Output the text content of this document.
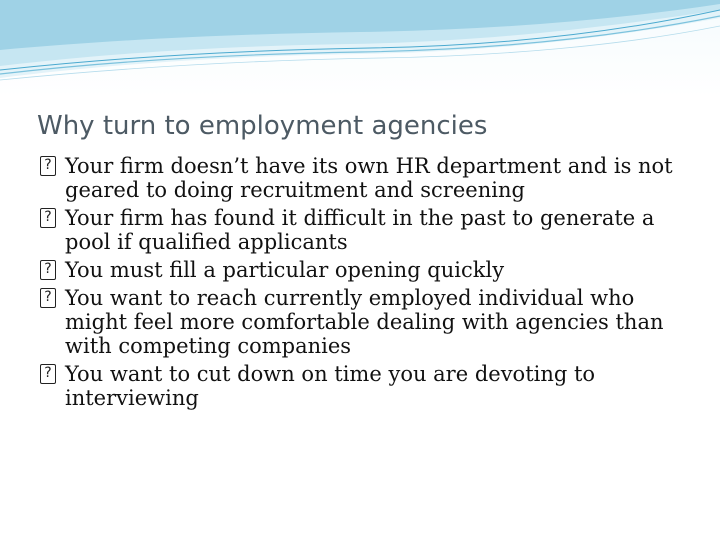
Why turn to employment agencies
? Your firm doesn’t have its own HR department and is not geared to doing recruitment and screening
? Your firm has found it difficult in the past to generate a pool if qualified applicants
? You must fill a particular opening quickly
? You want to reach currently employed individual who might feel more comfortable dealing with agencies than with competing companies
? You want to cut down on time you are devoting to interviewing
